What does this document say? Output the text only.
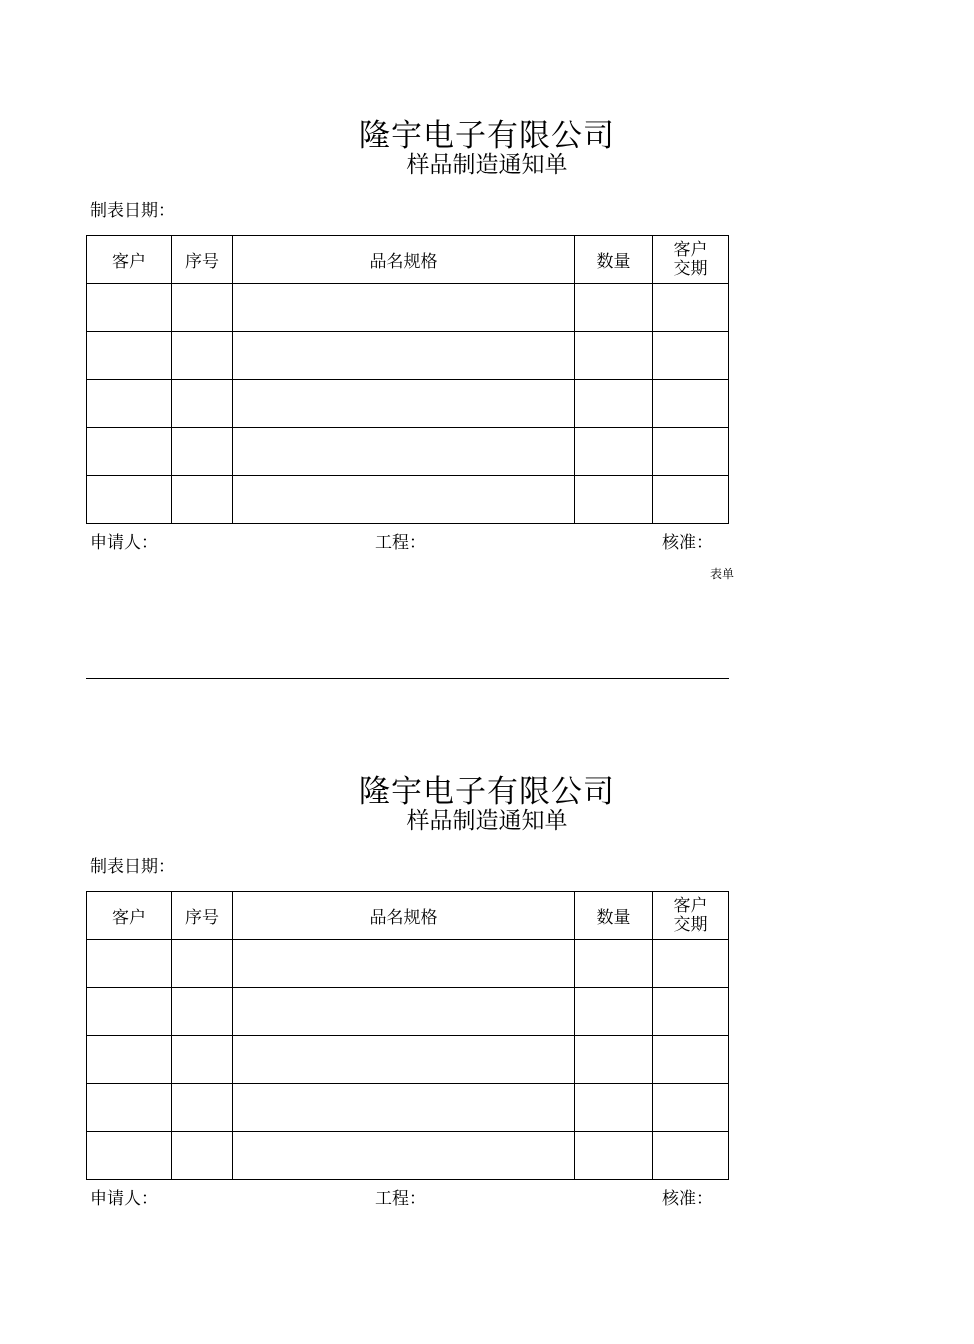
隆宇电子有限公司
样品制造通知单
制表日期：
客户	序号	品名规格	数量	客户
交期

申请人：	工程：	核准：
表单
隆宇电子有限公司
样品制造通知单
制表日期：
客户	序号	品名规格	数量	客户
交期

申请人：	工程：	核准：
